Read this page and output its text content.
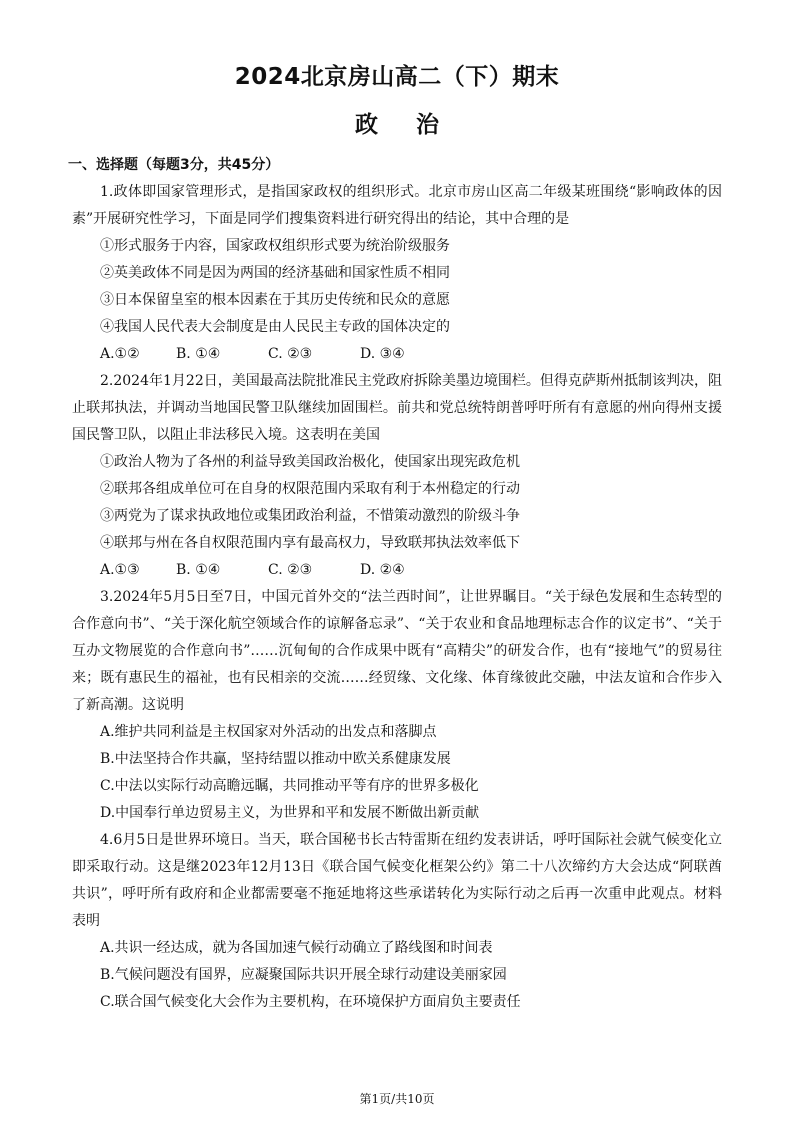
2024北京房山高二（下）期末
政治
一、选择题（每题3分，共45分）
1.政体即国家管理形式，是指国家政权的组织形式。北京市房山区高二年级某班围绕“影响政体的因素”开展研究性学习，下面是同学们搜集资料进行研究得出的结论，其中合理的是
①形式服务于内容，国家政权组织形式要为统治阶级服务
②英美政体不同是因为两国的经济基础和国家性质不相同
③日本保留皇室的根本因素在于其历史传统和民众的意愿
④我国人民代表大会制度是由人民民主专政的国体决定的
A.①②	B. ①④	C. ②③	D. ③④
2.2024年1月22日，美国最高法院批准民主党政府拆除美墨边境围栏。但得克萨斯州抵制该判决，阻止联邦执法，并调动当地国民警卫队继续加固围栏。前共和党总统特朗普呼吁所有有意愿的州向得州支援国民警卫队，以阻止非法移民入境。这表明在美国
①政治人物为了各州的利益导致美国政治极化，使国家出现宪政危机
②联邦各组成单位可在自身的权限范围内采取有利于本州稳定的行动
③两党为了谋求执政地位或集团政治利益，不惜策动激烈的阶级斗争
④联邦与州在各自权限范围内享有最高权力，导致联邦执法效率低下
A.①③	B. ①④	C. ②③	D. ②④
3.2024年5月5日至7日，中国元首外交的“法兰西时间”，让世界瞩目。“关于绿色发展和生态转型的合作意向书”、“关于深化航空领域合作的谅解备忘录”、“关于农业和食品地理标志合作的议定书”、“关于互办文物展览的合作意向书”……沉甸甸的合作成果中既有“高精尖”的研发合作，也有“接地气”的贸易往来；既有惠民生的福祉，也有民相亲的交流……经贸缘、文化缘、体育缘彼此交融，中法友谊和合作步入了新高潮。这说明
A.维护共同利益是主权国家对外活动的出发点和落脚点
B.中法坚持合作共赢，坚持结盟以推动中欧关系健康发展
C.中法以实际行动高瞻远瞩，共同推动平等有序的世界多极化
D.中国奉行单边贸易主义，为世界和平和发展不断做出新贡献
4.6月5日是世界环境日。当天，联合国秘书长古特雷斯在纽约发表讲话，呼吁国际社会就气候变化立即采取行动。这是继2023年12月13日《联合国气候变化框架公约》第二十八次缔约方大会达成“阿联酋共识”，呼吁所有政府和企业都需要毫不拖延地将这些承诺转化为实际行动之后再一次重申此观点。材料表明
A.共识一经达成，就为各国加速气候行动确立了路线图和时间表
B.气候问题没有国界，应凝聚国际共识开展全球行动建设美丽家园
C.联合国气候变化大会作为主要机构，在环境保护方面肩负主要责任
第1页/共10页
